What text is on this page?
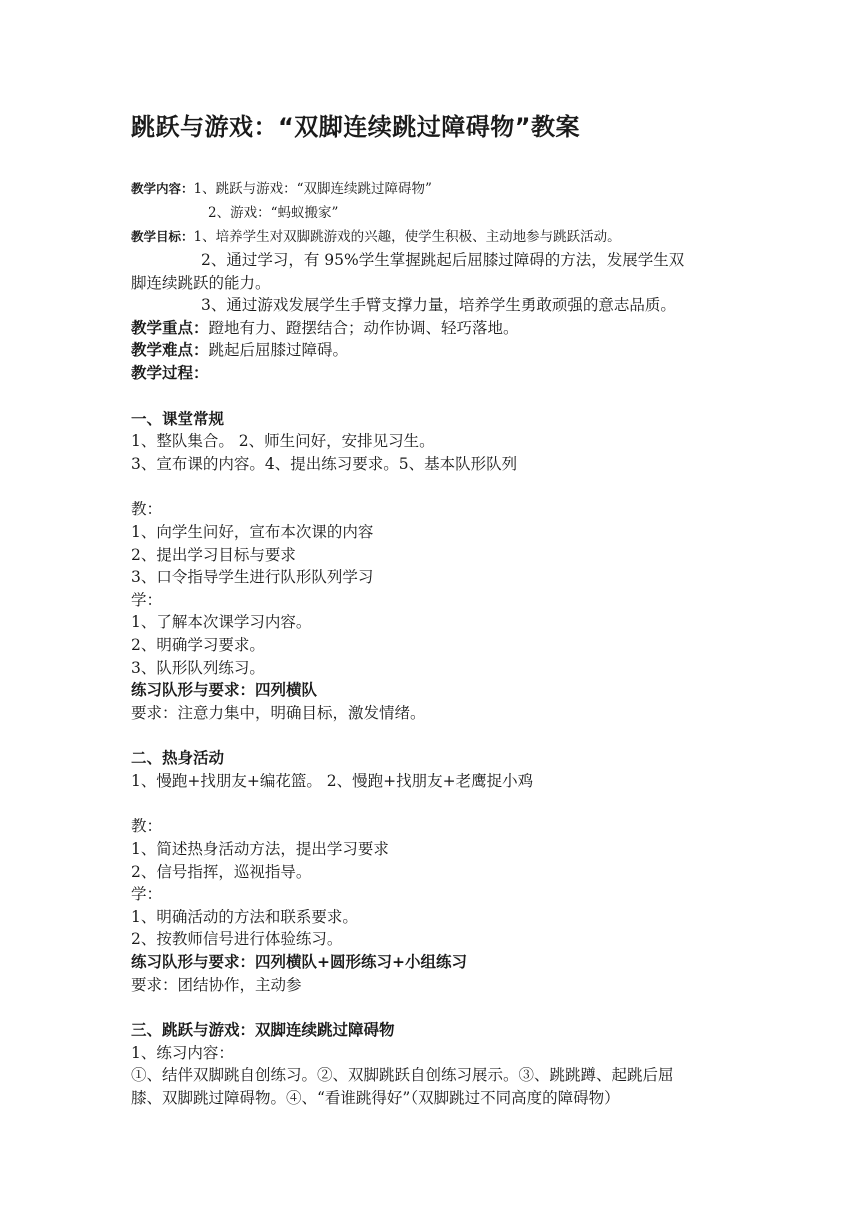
跳跃与游戏：“双脚连续跳过障碍物”教案
教学内容：1、跳跃与游戏：“双脚连续跳过障碍物”
2、游戏：“蚂蚁搬家”
教学目标：1、培养学生对双脚跳游戏的兴趣，使学生积极、主动地参与跳跃活动。
2、通过学习，有 95%学生掌握跳起后屈膝过障碍的方法，发展学生双
脚连续跳跃的能力。
3、通过游戏发展学生手臂支撑力量，培养学生勇敢顽强的意志品质。
教学重点：蹬地有力、蹬摆结合；动作协调、轻巧落地。
教学难点：跳起后屈膝过障碍。
教学过程：
一、课堂常规
1、整队集合。 2、师生问好，安排见习生。
3、宣布课的内容。4、提出练习要求。5、基本队形队列
教：
1、向学生问好，宣布本次课的内容
2、提出学习目标与要求
3、口令指导学生进行队形队列学习
学：
1、了解本次课学习内容。
2、明确学习要求。
3、队形队列练习。
练习队形与要求：四列横队
要求：注意力集中，明确目标，激发情绪。
二、热身活动
1、慢跑+找朋友+编花篮。 2、慢跑+找朋友+老鹰捉小鸡
教：
1、简述热身活动方法，提出学习要求
2、信号指挥，巡视指导。
学：
1、明确活动的方法和联系要求。
2、按教师信号进行体验练习。
练习队形与要求：四列横队+圆形练习+小组练习
要求：团结协作，主动参
三、跳跃与游戏：双脚连续跳过障碍物
1、练习内容：
①、结伴双脚跳自创练习。②、双脚跳跃自创练习展示。③、跳跳蹲、起跳后屈
膝、双脚跳过障碍物。④、“看谁跳得好”（双脚跳过不同高度的障碍物）
